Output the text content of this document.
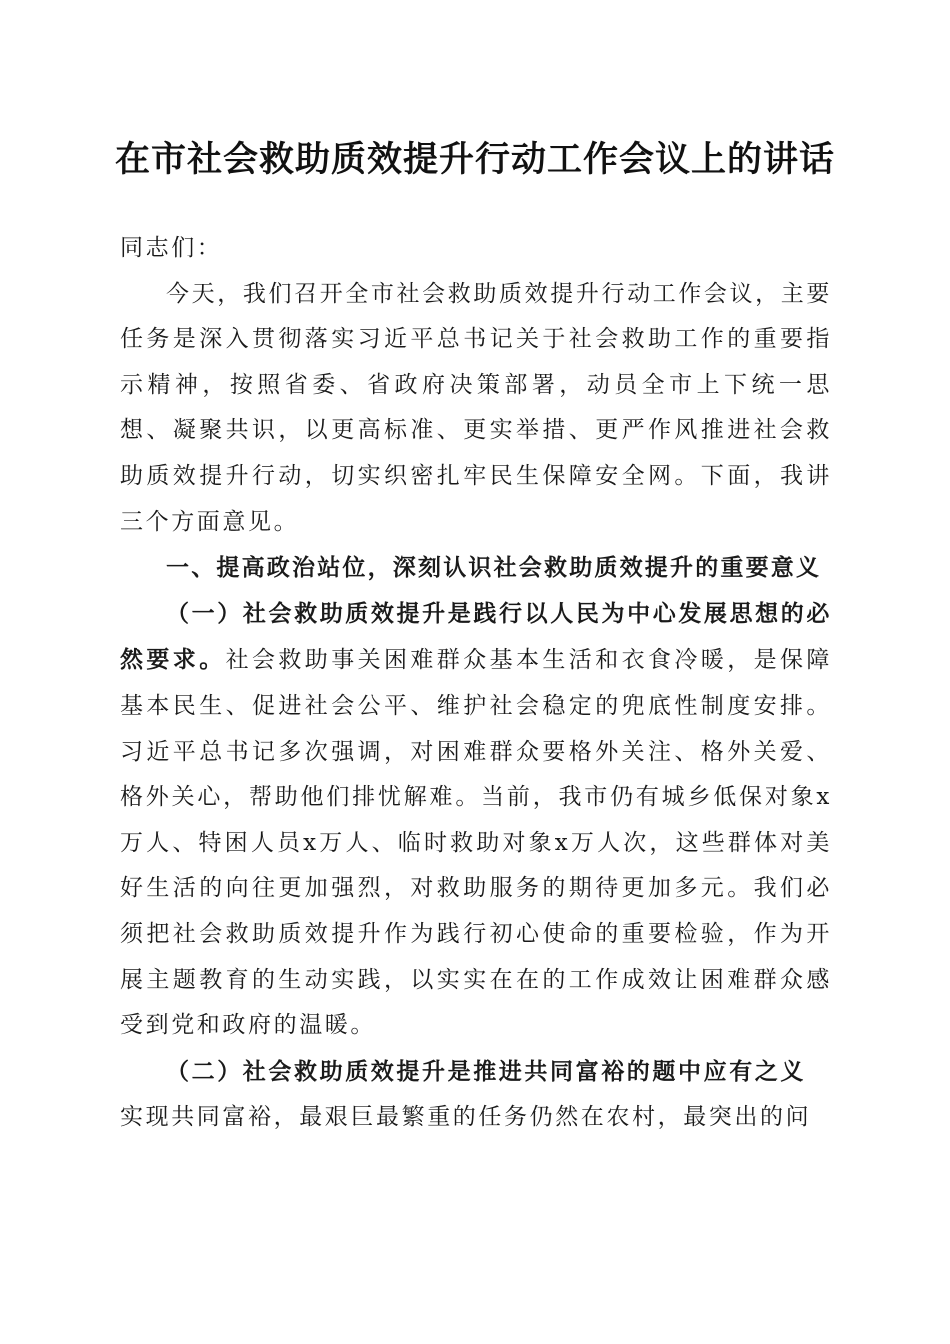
在市社会救助质效提升行动工作会议上的讲话

同志们：

今天，我们召开全市社会救助质效提升行动工作会议，主要任务是深入贯彻落实习近平总书记关于社会救助工作的重要指示精神，按照省委、省政府决策部署，动员全市上下统一思想、凝聚共识，以更高标准、更实举措、更严作风推进社会救助质效提升行动，切实织密扎牢民生保障安全网。下面，我讲三个方面意见。

一、提高政治站位，深刻认识社会救助质效提升的重要意义

（一）社会救助质效提升是践行以人民为中心发展思想的必然要求。社会救助事关困难群众基本生活和衣食冷暖，是保障基本民生、促进社会公平、维护社会稳定的兜底性制度安排。习近平总书记多次强调，对困难群众要格外关注、格外关爱、格外关心，帮助他们排忧解难。当前，我市仍有城乡低保对象x万人、特困人员x万人、临时救助对象x万人次，这些群体对美好生活的向往更加强烈，对救助服务的期待更加多元。我们必须把社会救助质效提升作为践行初心使命的重要检验，作为开展主题教育的生动实践，以实实在在的工作成效让困难群众感受到党和政府的温暖。

（二）社会救助质效提升是推进共同富裕的题中应有之义

实现共同富裕，最艰巨最繁重的任务仍然在农村，最突出的问
